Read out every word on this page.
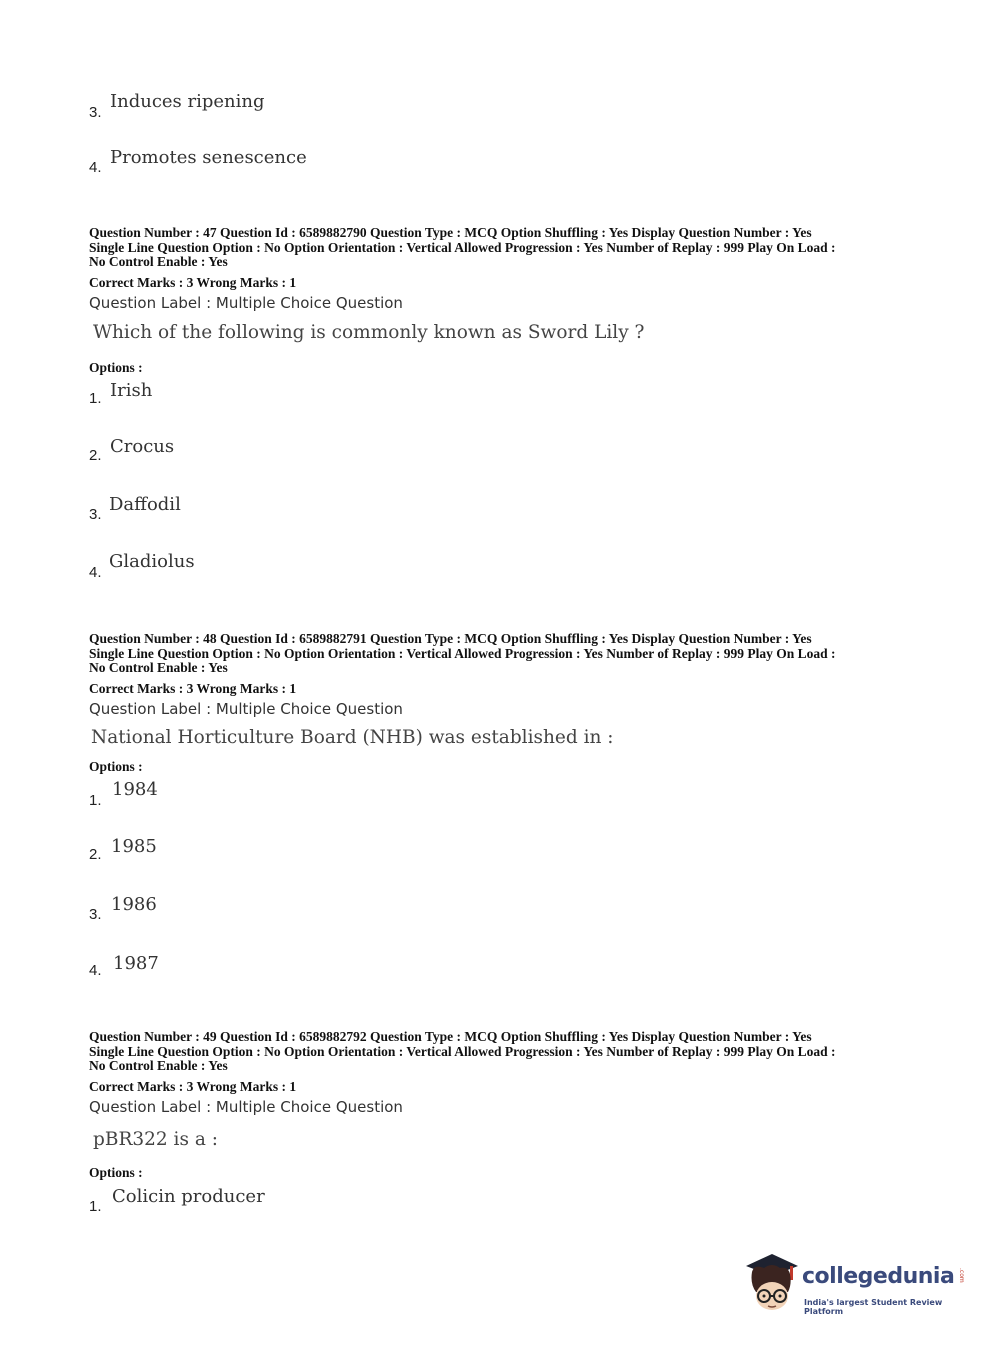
3.
Induces ripening
4. Promotes senescence
Question Number : 47 Question Id : 6589882790 Question Type : MCQ Option Shuffling : Yes Display Question Number : Yes
Single Line Question Option : No Option Orientation : Vertical Allowed Progression : Yes Number of Replay : 999 Play On Load :
No Control Enable : Yes
Correct Marks : 3 Wrong Marks : 1
Question Label : Multiple Choice Question
Which of the following is commonly known as Sword Lily ?
Options :
1. Irish
2. Crocus
3. Daffodil
4.
Gladiolus
Question Number : 48 Question Id : 6589882791 Question Type : MCQ Option Shuffling : Yes Display Question Number : Yes
Single Line Question Option : No Option Orientation : Vertical Allowed Progression : Yes Number of Replay : 999 Play On Load :
No Control Enable : Yes
Correct Marks : 3 Wrong Marks : 1
Question Label : Multiple Choice Question
National Horticulture Board (NHB) was established in :
Options :
1.
1984
2. 1985
3. 1986
4. 1987
Question Number : 49 Question Id : 6589882792 Question Type : MCQ Option Shuffling : Yes Display Question Number : Yes
Single Line Question Option : No Option Orientation : Vertical Allowed Progression : Yes Number of Replay : 999 Play On Load :
No Control Enable : Yes
Correct Marks : 3 Wrong Marks : 1
Question Label : Multiple Choice Question
pBR322 is a :
Options :
1. Colicin producer
collegedunia .com
India's largest Student Review Platform
